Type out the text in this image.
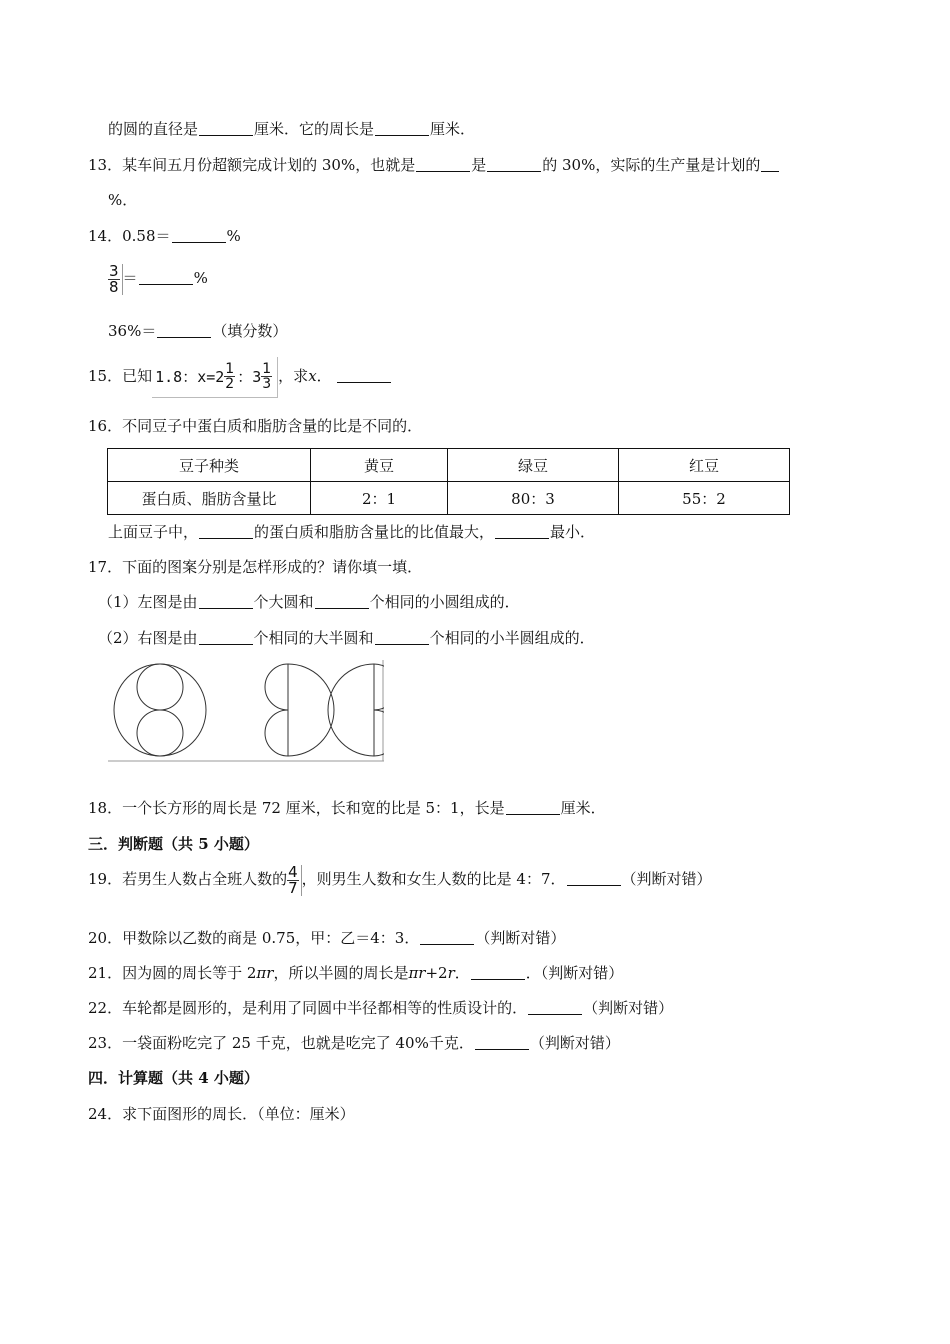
的圆的直径是	厘米．它的周长是	厘米．
13．某车间五月份超额完成计划的 30%，也就是	是	的 30%，实际的生产量是计划的
%．
14．0.58＝	%
$\frac{3}{8}$ ＝	%
36%＝	（填分数）
15．已知 1.8：$x=2 \frac{1}{2}$ ：$3 \frac{1}{3}$ ，求x．
16．不同豆子中蛋白质和脂肪含量的比是不同的．
豆子种类	黄豆	绿豆	红豆
蛋白质、脂肪含量比	2：1	80：3	55：2
上面豆子中，	的蛋白质和脂肪含量比的比值最大，	最小．
17．下面的图案分别是怎样形成的？请你填一填．
（1）左图是由	个大圆和	个相同的小圆组成的．
（2）右图是由	个相同的大半圆和	个相同的小半圆组成的．
18．一个长方形的周长是 72 厘米，长和宽的比是 5：1，长是	厘米．
三．判断题（共 5 小题）
19．若男生人数占全班人数的 $\frac{4}{7}$ ，则男生人数和女生人数的比是 4：7．	（判断对错）
20．甲数除以乙数的商是 0.75，甲：乙＝4：3．	（判断对错）
21．因为圆的周长等于 2πr，所以半圆的周长是πr+2r．	．（判断对错）
22．车轮都是圆形的，是利用了同圆中半径都相等的性质设计的．	（判断对错）
23．一袋面粉吃完了 25 千克，也就是吃完了 40%千克．	（判断对错）
四．计算题（共 4 小题）
24．求下面图形的周长．（单位：厘米）
